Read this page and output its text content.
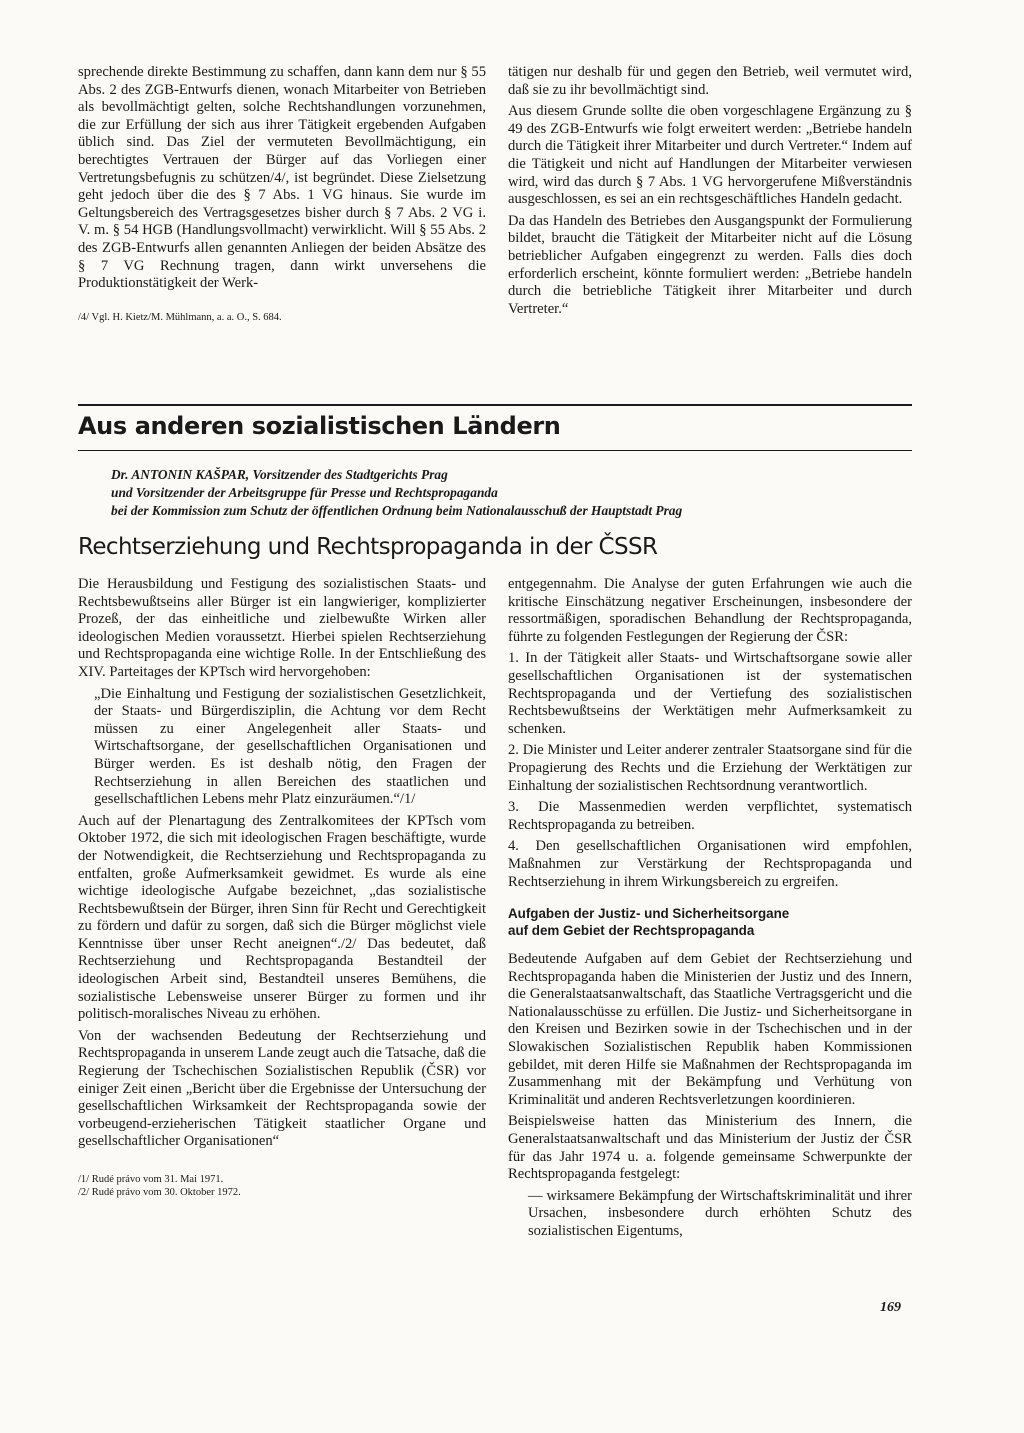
sprechende direkte Bestimmung zu schaffen, dann kann dem nur § 55 Abs. 2 des ZGB-Entwurfs dienen, wonach Mitarbeiter von Betrieben als bevollmächtigt gelten, solche Rechtshandlungen vorzunehmen, die zur Erfüllung der sich aus ihrer Tätigkeit ergebenden Aufgaben üblich sind. Das Ziel der vermuteten Bevollmächtigung, ein berechtigtes Vertrauen der Bürger auf das Vorliegen einer Vertretungsbefugnis zu schützen/4/, ist begründet. Diese Zielsetzung geht jedoch über die des § 7 Abs. 1 VG hinaus. Sie wurde im Geltungsbereich des Vertragsgesetzes bisher durch § 7 Abs. 2 VG i. V. m. § 54 HGB (Handlungsvollmacht) verwirklicht. Will § 55 Abs. 2 des ZGB-Entwurfs allen genannten Anliegen der beiden Absätze des § 7 VG Rechnung tragen, dann wirkt unversehens die Produktionstätigkeit der Werk-

/4/ Vgl. H. Kietz/M. Mühlmann, a. a. O., S. 684.

tätigen nur deshalb für und gegen den Betrieb, weil vermutet wird, daß sie zu ihr bevollmächtigt sind.

Aus diesem Grunde sollte die oben vorgeschlagene Ergänzung zu § 49 des ZGB-Entwurfs wie folgt erweitert werden: „Betriebe handeln durch die Tätigkeit ihrer Mitarbeiter und durch Vertreter.“ Indem auf die Tätigkeit und nicht auf Handlungen der Mitarbeiter verwiesen wird, wird das durch § 7 Abs. 1 VG hervorgerufene Mißverständnis ausgeschlossen, es sei an ein rechtsgeschäftliches Handeln gedacht.

Da das Handeln des Betriebes den Ausgangspunkt der Formulierung bildet, braucht die Tätigkeit der Mitarbeiter nicht auf die Lösung betrieblicher Aufgaben eingegrenzt zu werden. Falls dies doch erforderlich erscheint, könnte formuliert werden: „Betriebe handeln durch die betriebliche Tätigkeit ihrer Mitarbeiter und durch Vertreter.“

Aus anderen sozialistischen Ländern
Dr. ANTONIN KAŠPAR, Vorsitzender des Stadtgerichts Prag
und Vorsitzender der Arbeitsgruppe für Presse und Rechtspropaganda
bei der Kommission zum Schutz der öffentlichen Ordnung beim Nationalausschuß der Hauptstadt Prag
Rechtserziehung und Rechtspropaganda in der ČSSR

Die Herausbildung und Festigung des sozialistischen Staats- und Rechtsbewußtseins aller Bürger ist ein langwieriger, komplizierter Prozeß, der das einheitliche und zielbewußte Wirken aller ideologischen Medien voraussetzt. Hierbei spielen Rechtserziehung und Rechtspropaganda eine wichtige Rolle. In der Entschließung des XIV. Parteitages der KPTsch wird hervorgehoben:

„Die Einhaltung und Festigung der sozialistischen Gesetzlichkeit, der Staats- und Bürgerdisziplin, die Achtung vor dem Recht müssen zu einer Angelegenheit aller Staats- und Wirtschaftsorgane, der gesellschaftlichen Organisationen und Bürger werden. Es ist deshalb nötig, den Fragen der Rechtserziehung in allen Bereichen des staatlichen und gesellschaftlichen Lebens mehr Platz einzuräumen.“/1/

Auch auf der Plenartagung des Zentralkomitees der KPTsch vom Oktober 1972, die sich mit ideologischen Fragen beschäftigte, wurde der Notwendigkeit, die Rechtserziehung und Rechtspropaganda zu entfalten, große Aufmerksamkeit gewidmet. Es wurde als eine wichtige ideologische Aufgabe bezeichnet, „das sozialistische Rechtsbewußtsein der Bürger, ihren Sinn für Recht und Gerechtigkeit zu fördern und dafür zu sorgen, daß sich die Bürger möglichst viele Kenntnisse über unser Recht aneignen“./2/ Das bedeutet, daß Rechtserziehung und Rechtspropaganda Bestandteil der ideologischen Arbeit sind, Bestandteil unseres Bemühens, die sozialistische Lebensweise unserer Bürger zu formen und ihr politisch-moralisches Niveau zu erhöhen.

Von der wachsenden Bedeutung der Rechtserziehung und Rechtspropaganda in unserem Lande zeugt auch die Tatsache, daß die Regierung der Tschechischen Sozialistischen Republik (ČSR) vor einiger Zeit einen „Bericht über die Ergebnisse der Untersuchung der gesellschaftlichen Wirksamkeit der Rechtspropaganda sowie der vorbeugend-erzieherischen Tätigkeit staatlicher Organe und gesellschaftlicher Organisationen“

/1/ Rudé právo vom 31. Mai 1971.
/2/ Rudé právo vom 30. Oktober 1972.

entgegennahm. Die Analyse der guten Erfahrungen wie auch die kritische Einschätzung negativer Erscheinungen, insbesondere der ressortmäßigen, sporadischen Behandlung der Rechtspropaganda, führte zu folgenden Festlegungen der Regierung der ČSR:

1. In der Tätigkeit aller Staats- und Wirtschaftsorgane sowie aller gesellschaftlichen Organisationen ist der systematischen Rechtspropaganda und der Vertiefung des sozialistischen Rechtsbewußtseins der Werktätigen mehr Aufmerksamkeit zu schenken.

2. Die Minister und Leiter anderer zentraler Staatsorgane sind für die Propagierung des Rechts und die Erziehung der Werktätigen zur Einhaltung der sozialistischen Rechtsordnung verantwortlich.

3. Die Massenmedien werden verpflichtet, systematisch Rechtspropaganda zu betreiben.

4. Den gesellschaftlichen Organisationen wird empfohlen, Maßnahmen zur Verstärkung der Rechtspropaganda und Rechtserziehung in ihrem Wirkungsbereich zu ergreifen.

Aufgaben der Justiz- und Sicherheitsorgane
auf dem Gebiet der Rechtspropaganda

Bedeutende Aufgaben auf dem Gebiet der Rechtserziehung und Rechtspropaganda haben die Ministerien der Justiz und des Innern, die Generalstaatsanwaltschaft, das Staatliche Vertragsgericht und die Nationalausschüsse zu erfüllen. Die Justiz- und Sicherheitsorgane in den Kreisen und Bezirken sowie in der Tschechischen und in der Slowakischen Sozialistischen Republik haben Kommissionen gebildet, mit deren Hilfe sie Maßnahmen der Rechtspropaganda im Zusammenhang mit der Bekämpfung und Verhütung von Kriminalität und anderen Rechtsverletzungen koordinieren.

Beispielsweise hatten das Ministerium des Innern, die Generalstaatsanwaltschaft und das Ministerium der Justiz der ČSR für das Jahr 1974 u. a. folgende gemeinsame Schwerpunkte der Rechtspropaganda festgelegt:

— wirksamere Bekämpfung der Wirtschaftskriminalität und ihrer Ursachen, insbesondere durch erhöhten Schutz des sozialistischen Eigentums,

169
